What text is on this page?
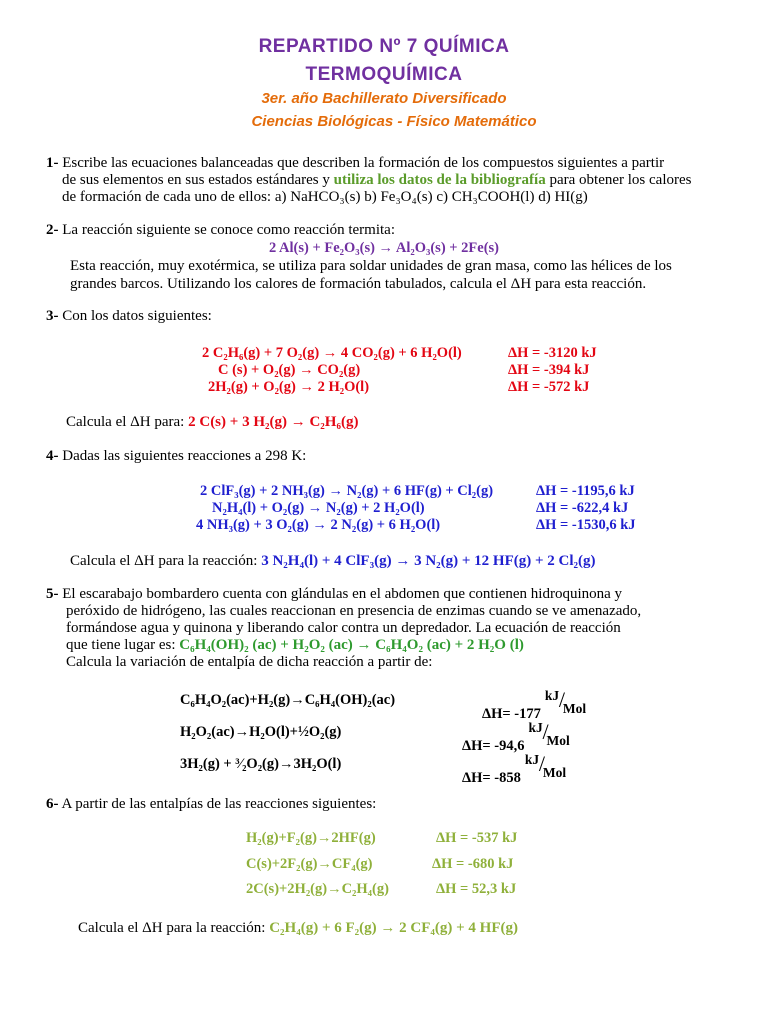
REPARTIDO Nº 7 QUÍMICA
TERMOQUÍMICA
3er. año Bachillerato Diversificado
Ciencias Biológicas - Físico Matemático
1- Escribe las ecuaciones balanceadas que describen la formación de los compuestos siguientes a partir
de sus elementos en sus estados estándares y utiliza los datos de la bibliografía para obtener los calores
de formación de cada uno de ellos: a) NaHCO₃(s) b) Fe₃O₄(s) c) CH₃COOH(l) d) HI(g)
2- La reacción siguiente se conoce como reacción termita:
2 Al(s) + Fe₂O₃(s) → Al₂O₃(s) + 2Fe(s)
Esta reacción, muy exotérmica, se utiliza para soldar unidades de gran masa, como las hélices de los
grandes barcos. Utilizando los calores de formación tabulados, calcula el ΔH para esta reacción.
3- Con los datos siguientes:
2 C₂H₆(g) + 7 O₂(g) → 4 CO₂(g) + 6 H₂O(l)	ΔH = -3120 kJ
C (s) + O₂(g) → CO₂(g)	ΔH = -394 kJ
2H₂(g) + O₂(g) → 2 H₂O(l)	ΔH = -572 kJ
Calcula el ΔH para: 2 C(s) + 3 H₂(g) → C₂H₆(g)
4- Dadas las siguientes reacciones a 298 K:
2 ClF₃(g) + 2 NH₃(g) → N₂(g) + 6 HF(g) + Cl₂(g)	ΔH = -1195,6 kJ
N₂H₄(l) + O₂(g) → N₂(g) + 2 H₂O(l)	ΔH = -622,4 kJ
4 NH₃(g) + 3 O₂(g) → 2 N₂(g) + 6 H₂O(l)	ΔH = -1530,6 kJ
Calcula el ΔH para la reacción: 3 N₂H₄(l) + 4 ClF₃(g) → 3 N₂(g) + 12 HF(g) + 2 Cl₂(g)
5- El escarabajo bombardero cuenta con glándulas en el abdomen que contienen hidroquinona y
peróxido de hidrógeno, las cuales reaccionan en presencia de enzimas cuando se ve amenazado,
formándose agua y quinona y liberando calor contra un depredador. La ecuación de reacción
que tiene lugar es: C₆H₄(OH)₂ (ac) + H₂O₂ (ac) → C₆H₄O₂ (ac) + 2 H₂O (l)
Calcula la variación de entalpía de dicha reacción a partir de:
C₆H₄O₂(ac)+H₂(g)→C₆H₄(OH)₂(ac)
ΔH= -177
kJ /
Mol
H₂O₂(ac)→H₂O(l)+½O₂(g)
ΔH= -94,6
kJ /
Mol
3H₂(g) + ³⁄₂O₂(g)→3H₂O(l)
ΔH= -858
kJ /
Mol
6- A partir de las entalpías de las reacciones siguientes:
H₂(g)+F₂(g)→2HF(g)	ΔH = -537 kJ
C(s)+2F₂(g)→CF₄(g)	ΔH = -680 kJ
2C(s)+2H₂(g)→C₂H₄(g)	ΔH = 52,3 kJ
Calcula el ΔH para la reacción: C₂H₄(g) + 6 F₂(g) → 2 CF₄(g) + 4 HF(g)
